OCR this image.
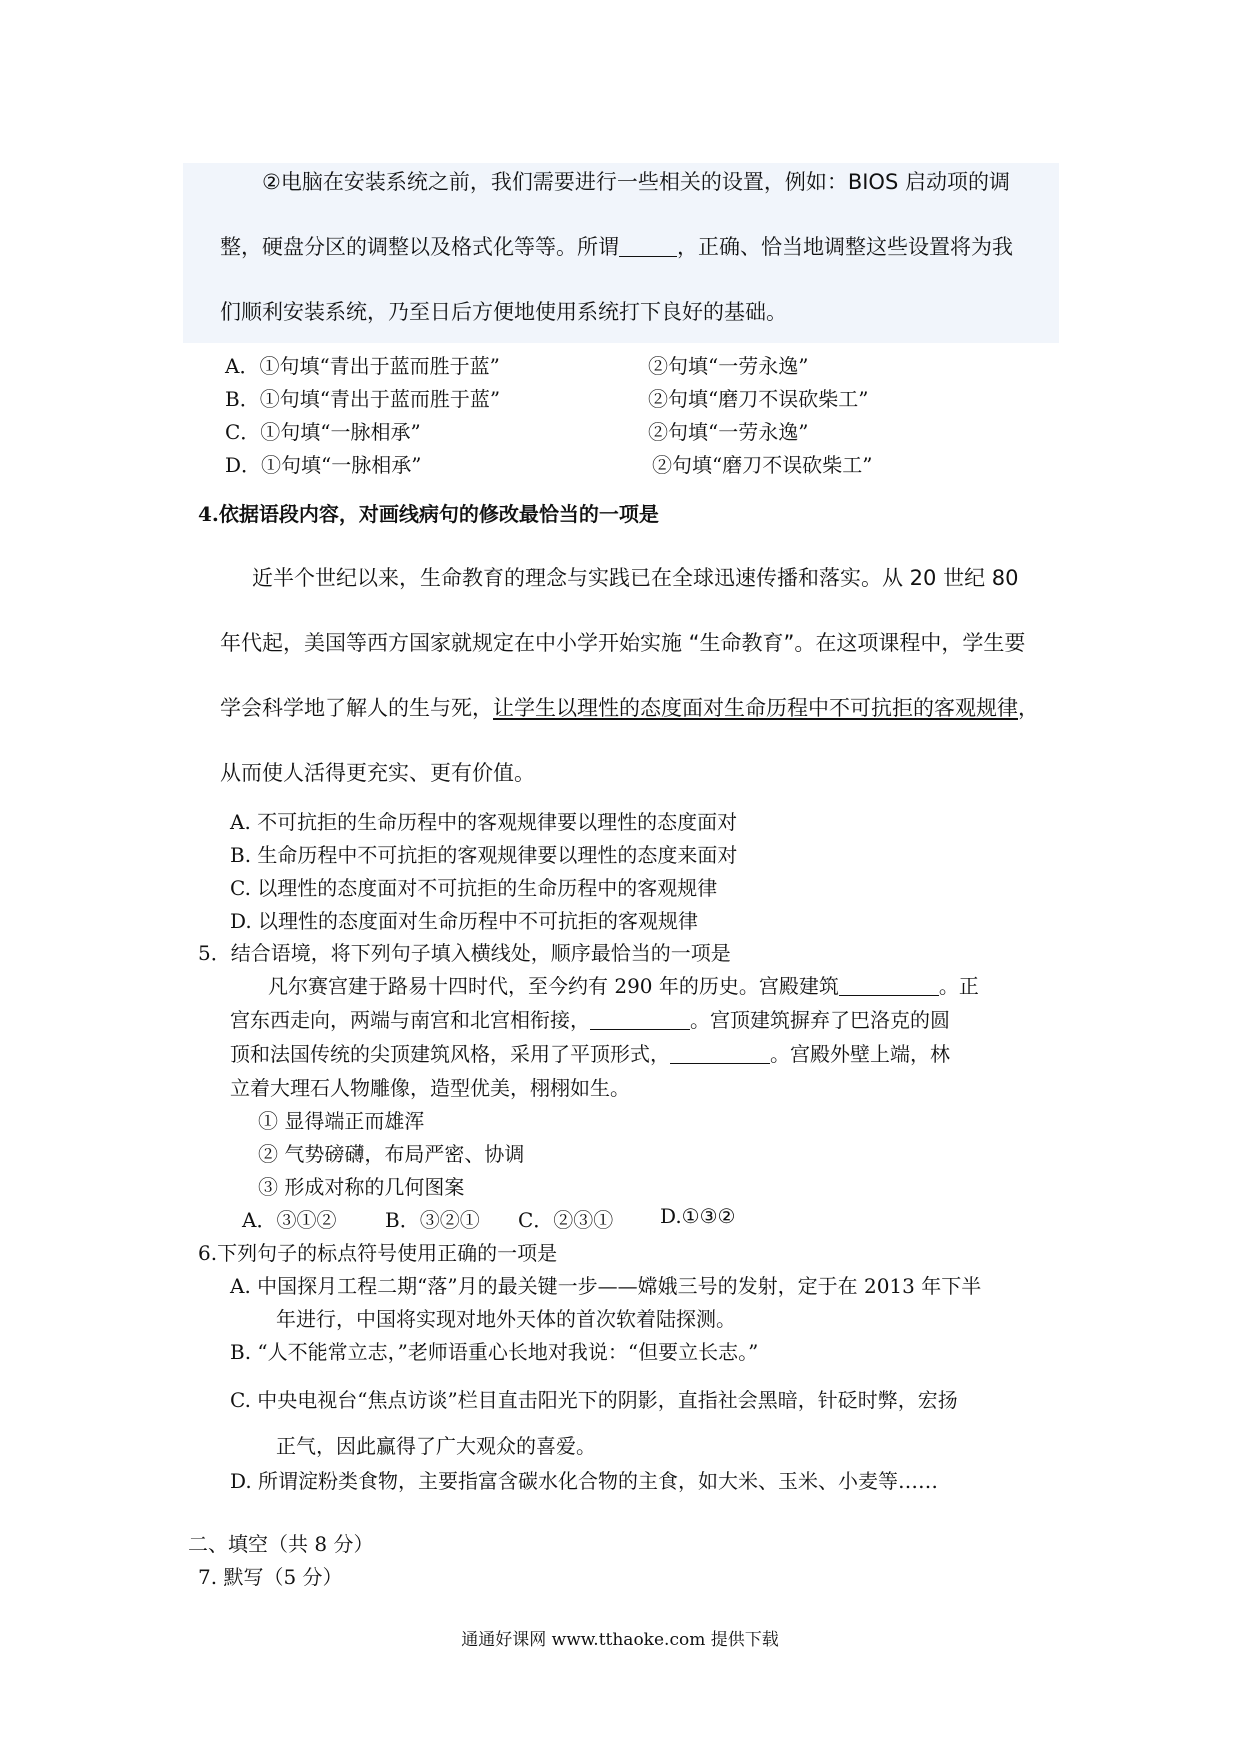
②电脑在安装系统之前，我们需要进行一些相关的设置，例如：BIOS 启动项的调
整，硬盘分区的调整以及格式化等等。所谓	，正确、恰当地调整这些设置将为我
们顺利安装系统，乃至日后方便地使用系统打下良好的基础。
A．①句填“青出于蓝而胜于蓝”	②句填“一劳永逸”
B．①句填“青出于蓝而胜于蓝”	②句填“磨刀不误砍柴工”
C．①句填“一脉相承”	②句填“一劳永逸”
D．①句填“一脉相承”	②句填“磨刀不误砍柴工”
4.依据语段内容，对画线病句的修改最恰当的一项是
近半个世纪以来，生命教育的理念与实践已在全球迅速传播和落实。从 20 世纪 80
年代起，美国等西方国家就规定在中小学开始实施 “生命教育”。在这项课程中，学生要
学会科学地了解人的生与死，让学生以理性的态度面对生命历程中不可抗拒的客观规律，
从而使人活得更充实、更有价值。
A. 不可抗拒的生命历程中的客观规律要以理性的态度面对
B. 生命历程中不可抗拒的客观规律要以理性的态度来面对
C. 以理性的态度面对不可抗拒的生命历程中的客观规律
D. 以理性的态度面对生命历程中不可抗拒的客观规律
5．结合语境，将下列句子填入横线处，顺序最恰当的一项是
凡尔赛宫建于路易十四时代，至今约有 290 年的历史。宫殿建筑	。正
宫东西走向，两端与南宫和北宫相衔接，	。宫顶建筑摒弃了巴洛克的圆
顶和法国传统的尖顶建筑风格，采用了平顶形式，	。宫殿外壁上端，林
立着大理石人物雕像，造型优美，栩栩如生。
① 显得端正而雄浑
② 气势磅礴，布局严密、协调
③ 形成对称的几何图案
A．③①② B．③②① C．②③① D.①③②
6.下列句子的标点符号使用正确的一项是
A. 中国探月工程二期“落”月的最关键一步——嫦娥三号的发射，定于在 2013 年下半
年进行，中国将实现对地外天体的首次软着陆探测。
B. “人不能常立志，”老师语重心长地对我说：“但要立长志。”
C. 中央电视台“焦点访谈”栏目直击阳光下的阴影，直指社会黑暗，针砭时弊，宏扬
正气，因此赢得了广大观众的喜爱。
D. 所谓淀粉类食物，主要指富含碳水化合物的主食，如大米、玉米、小麦等……
二、填空（共 8 分）
7. 默写（5 分）
通通好课网 www.tthaoke.com 提供下载
